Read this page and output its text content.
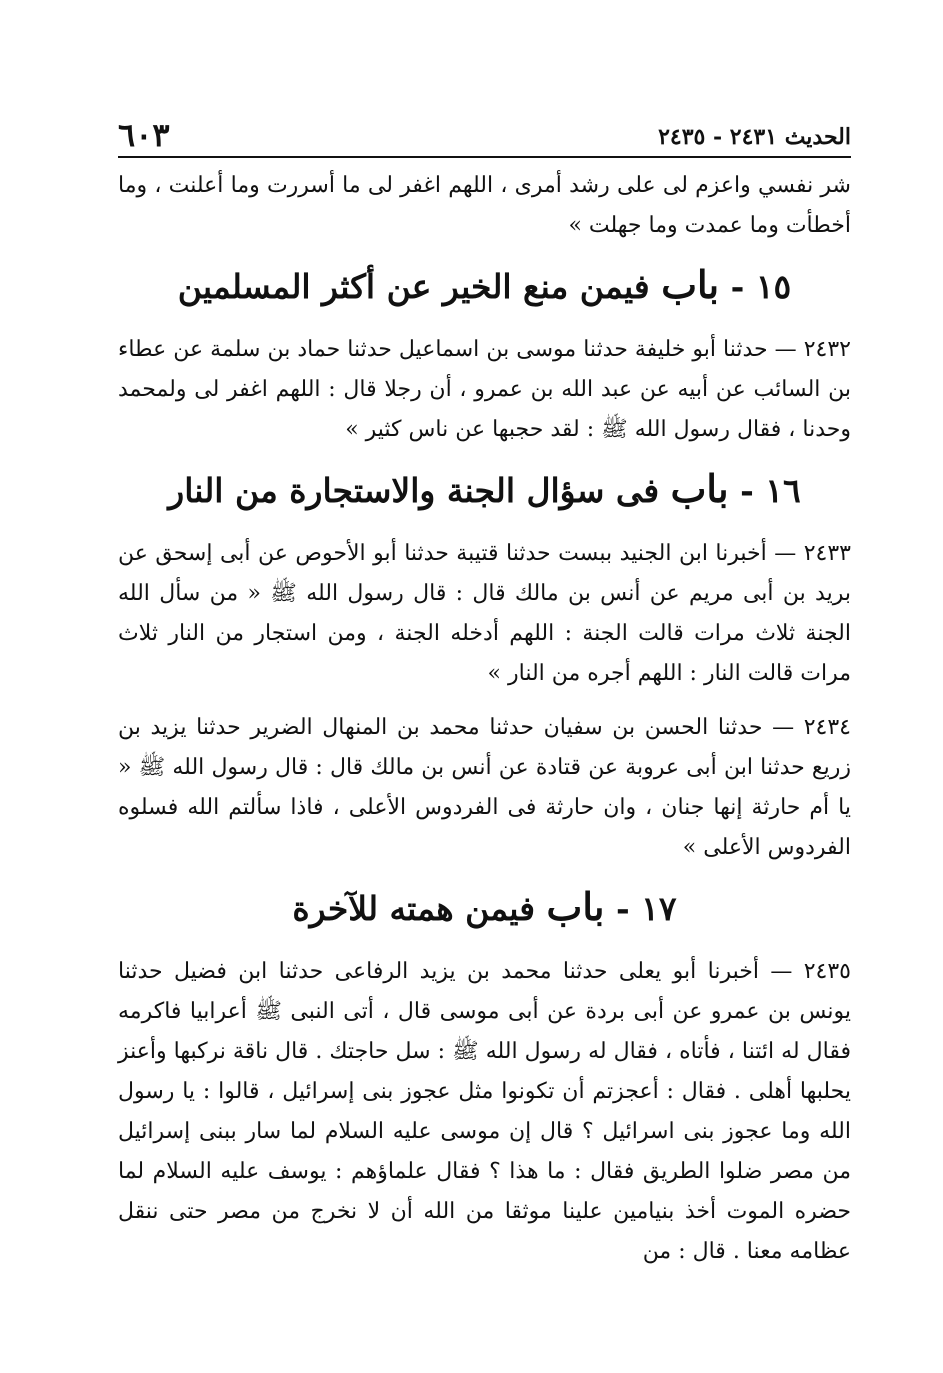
الحديث ٢٤٣١ - ٢٤٣٥
٦٠٣

شر نفسي واعزم لى على رشد أمرى ، اللهم اغفر لى ما أسررت وما أعلنت ، وما أخطأت وما عمدت وما جهلت »

١٥ - باب فيمن منع الخير عن أكثر المسلمين

٢٤٣٢ — حدثنا أبو خليفة حدثنا موسى بن اسماعيل حدثنا حماد بن سلمة عن عطاء بن السائب عن أبيه عن عبد الله بن عمرو ، أن رجلا قال : اللهم اغفر لى ولمحمد وحدنا ، فقال رسول الله ﷺ : لقد حجبها عن ناس كثير »

١٦ - باب فى سؤال الجنة والاستجارة من النار

٢٤٣٣ — أخبرنا ابن الجنيد ببست حدثنا قتيبة حدثنا أبو الأحوص عن أبى إسحق عن بريد بن أبى مريم عن أنس بن مالك قال : قال رسول الله ﷺ « من سأل الله الجنة ثلاث مرات قالت الجنة : اللهم أدخله الجنة ، ومن استجار من النار ثلاث مرات قالت النار : اللهم أجره من النار »

٢٤٣٤ — حدثنا الحسن بن سفيان حدثنا محمد بن المنهال الضرير حدثنا يزيد بن زريع حدثنا ابن أبى عروبة عن قتادة عن أنس بن مالك قال : قال رسول الله ﷺ « يا أم حارثة إنها جنان ، وان حارثة فى الفردوس الأعلى ، فاذا سألتم الله فسلوه الفردوس الأعلى »

١٧ - باب فيمن همته للآخرة

٢٤٣٥ — أخبرنا أبو يعلى حدثنا محمد بن يزيد الرفاعى حدثنا ابن فضيل حدثنا يونس بن عمرو عن أبى بردة عن أبى موسى قال ، أتى النبى ﷺ أعرابيا فاكرمه فقال له ائتنا ، فأتاه ، فقال له رسول الله ﷺ : سل حاجتك . قال ناقة نركبها وأعنز يحلبها أهلى . فقال : أعجزتم أن تكونوا مثل عجوز بنى إسرائيل ، قالوا : يا رسول الله وما عجوز بنى اسرائيل ؟ قال إن موسى عليه السلام لما سار ببنى إسرائيل من مصر ضلوا الطريق فقال : ما هذا ؟ فقال علماؤهم : يوسف عليه السلام لما حضره الموت أخذ بنيامين علينا موثقا من الله أن لا نخرج من مصر حتى ننقل عظامه معنا . قال : من
